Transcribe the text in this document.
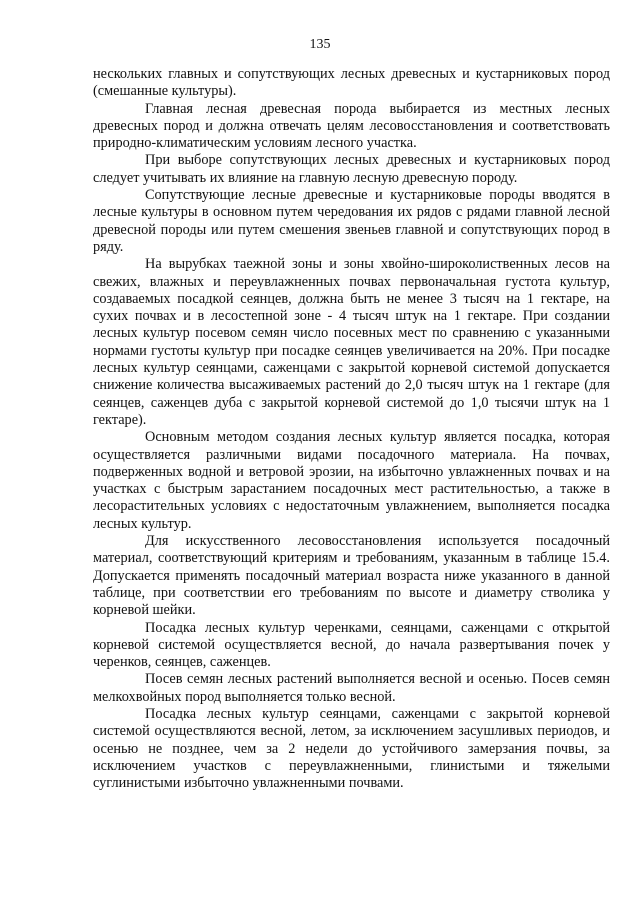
135

нескольких главных и сопутствующих лесных древесных и кустарниковых пород (смешанные культуры).

Главная лесная древесная порода выбирается из местных лесных древесных пород и должна отвечать целям лесовосстановления и соответствовать природно-климатическим условиям лесного участка.

При выборе сопутствующих лесных древесных и кустарниковых пород следует учитывать их влияние на главную лесную древесную породу.

Сопутствующие лесные древесные и кустарниковые породы вводятся в лесные культуры в основном путем чередования их рядов с рядами главной лесной древесной породы или путем смешения звеньев главной и сопутствующих пород в ряду.

На вырубках таежной зоны и зоны хвойно-широколиственных лесов на свежих, влажных и переувлажненных почвах первоначальная густота культур, создаваемых посадкой сеянцев, должна быть не менее 3 тысяч на 1 гектаре, на сухих почвах и в лесостепной зоне - 4 тысяч штук на 1 гектаре. При создании лесных культур посевом семян число посевных мест по сравнению с указанными нормами густоты культур при посадке сеянцев увеличивается на 20%. При посадке лесных культур сеянцами, саженцами с закрытой корневой системой допускается снижение количества высаживаемых растений до 2,0 тысяч штук на 1 гектаре (для сеянцев, саженцев дуба с закрытой корневой системой до 1,0 тысячи штук на 1 гектаре).

Основным методом создания лесных культур является посадка, которая осуществляется различными видами посадочного материала. На почвах, подверженных водной и ветровой эрозии, на избыточно увлажненных почвах и на участках с быстрым зарастанием посадочных мест растительностью, а также в лесорастительных условиях с недостаточным увлажнением, выполняется посадка лесных культур.

Для искусственного лесовосстановления используется посадочный материал, соответствующий критериям и требованиям, указанным в таблице 15.4. Допускается применять посадочный материал возраста ниже указанного в данной таблице, при соответствии его требованиям по высоте и диаметру стволика у корневой шейки.

Посадка лесных культур черенками, сеянцами, саженцами с открытой корневой системой осуществляется весной, до начала развертывания почек у черенков, сеянцев, саженцев.

Посев семян лесных растений выполняется весной и осенью. Посев семян мелкохвойных пород выполняется только весной.

Посадка лесных культур сеянцами, саженцами с закрытой корневой системой осуществляются весной, летом, за исключением засушливых периодов, и осенью не позднее, чем за 2 недели до устойчивого замерзания почвы, за исключением участков с переувлажненными, глинистыми и тяжелыми суглинистыми избыточно увлажненными почвами.
